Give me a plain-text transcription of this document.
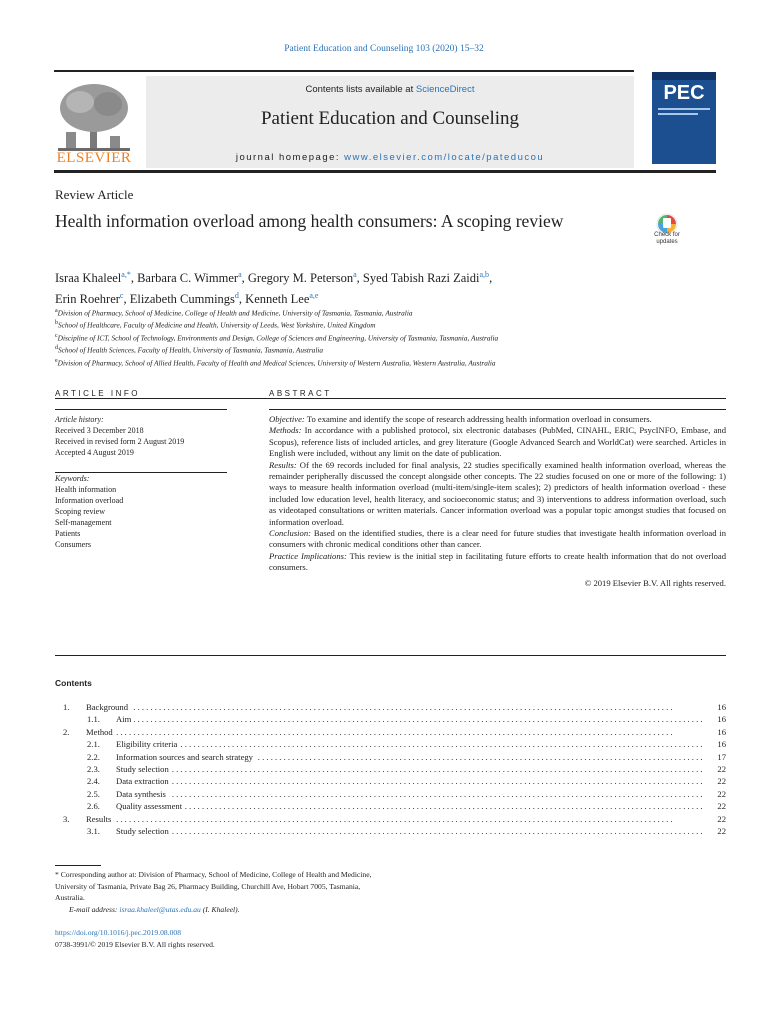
Patient Education and Counseling 103 (2020) 15–32
ELSEVIER
Contents lists available at ScienceDirect
Patient Education and Counseling
journal homepage: www.elsevier.com/locate/pateducou
PEC
Review Article
Health information overload among health consumers: A scoping review
Check for updates
Israa Khaleel$^{a,*}$, Barbara C. Wimmer$^a$, Gregory M. Peterson$^a$, Syed Tabish Razi Zaidi$^{a,b}$,
Erin Roehrer$^c$, Elizabeth Cummings$^d$, Kenneth Lee$^{a,e}$
$^a$Division of Pharmacy, School of Medicine, College of Health and Medicine, University of Tasmania, Tasmania, Australia
$^b$School of Healthcare, Faculty of Medicine and Health, University of Leeds, West Yorkshire, United Kingdom
$^c$Discipline of ICT, School of Technology, Environments and Design, College of Sciences and Engineering, University of Tasmania, Tasmania, Australia
$^d$School of Health Sciences, Faculty of Health, University of Tasmania, Tasmania, Australia
$^e$Division of Pharmacy, School of Allied Health, Faculty of Health and Medical Sciences, University of Western Australia, Western Australia, Australia
ARTICLE INFO	ABSTRACT
Article history:
Received 3 December 2018
Received in revised form 2 August 2019
Accepted 4 August 2019
Keywords:
Health information
Information overload
Scoping review
Self-management
Patients
Consumers

Objective: To examine and identify the scope of research addressing health information overload in consumers.

Methods: In accordance with a published protocol, six electronic databases (PubMed, CINAHL, ERIC, PsycINFO, Embase, and Scopus), reference lists of included articles, and grey literature (Google Advanced Search and WorldCat) were searched. Articles in English were included, without any limit on the date of publication.

Results: Of the 69 records included for final analysis, 22 studies specifically examined health information overload, whereas the remainder peripherally discussed the concept alongside other concepts. The 22 studies focused on one or more of the following: 1) ways to measure health information overload (multi-item/single-item scales); 2) predictors of health information overload - these included low education level, health literacy, and socioeconomic status; and 3) interventions to address information overload, such as videotaped consultations or written materials. Cancer information overload was a popular topic amongst studies that focused on information overload.

Conclusion: Based on the identified studies, there is a clear need for future studies that investigate health information overload in consumers with chronic medical conditions other than cancer.

Practice Implications: This review is the initial step in facilitating future efforts to create health information that do not overload consumers.

© 2019 Elsevier B.V. All rights reserved.

Contents
1. Background . . .	16
1.1. Aim . . .	16
2. Method . . .	16
2.1. Eligibility criteria . . .	16
2.2. Information sources and search strategy . . .	17
2.3. Study selection . . .	22
2.4. Data extraction . . .	22
2.5. Data synthesis . . .	22
2.6. Quality assessment . . .	22
3. Results . . .	22
3.1. Study selection . . .	22
* Corresponding author at: Division of Pharmacy, School of Medicine, College of Health and Medicine, University of Tasmania, Private Bag 26, Pharmacy Building, Churchill Ave, Hobart 7005, Tasmania, Australia.
E-mail address: israa.khaleel@utas.edu.au (I. Khaleel).
https://doi.org/10.1016/j.pec.2019.08.008
0738-3991/© 2019 Elsevier B.V. All rights reserved.
